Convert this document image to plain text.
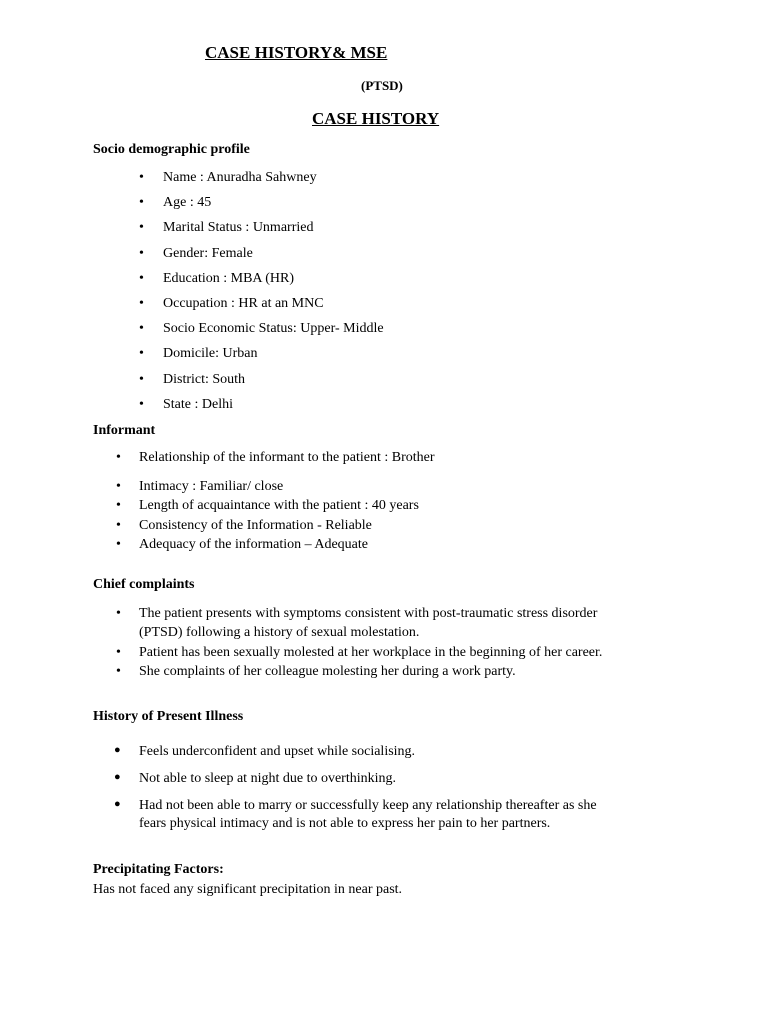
CASE HISTORY& MSE
(PTSD)
CASE HISTORY
Socio demographic profile
• Name : Anuradha Sahwney
• Age : 45
• Marital Status : Unmarried
• Gender: Female
• Education : MBA (HR)
• Occupation : HR at an MNC
• Socio Economic Status: Upper- Middle
• Domicile: Urban
• District: South
• State : Delhi
Informant
• Relationship of the informant to the patient : Brother
• Intimacy : Familiar/ close
• Length of acquaintance with the patient : 40 years
• Consistency of the Information - Reliable
• Adequacy of the information – Adequate
Chief complaints
• The patient presents with symptoms consistent with post-traumatic stress disorder
(PTSD) following a history of sexual molestation.
• Patient has been sexually molested at her workplace in the beginning of her career.
• She complaints of her colleague molesting her during a work party.
History of Present Illness
● Feels underconfident and upset while socialising.
● Not able to sleep at night due to overthinking.
● Had not been able to marry or successfully keep any relationship thereafter as she
fears physical intimacy and is not able to express her pain to her partners.
Precipitating Factors:
Has not faced any significant precipitation in near past.
